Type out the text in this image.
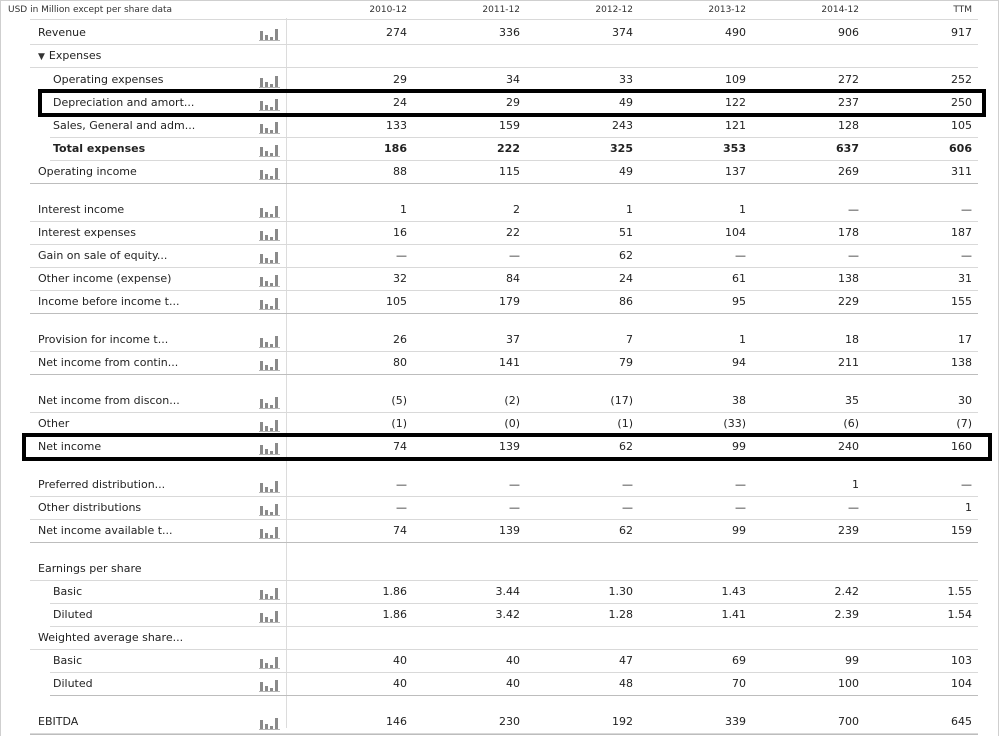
USD in Million except per share data	2010-12	2011-12	2012-12	2013-12	2014-12	TTM
Revenue	274	336	374	490	906	917
▼ Expenses
Operating expenses	29	34	33	109	272	252
Depreciation and amort...	24	29	49	122	237	250
Sales, General and adm...	133	159	243	121	128	105
Total expenses	186	222	325	353	637	606
Operating income	88	115	49	137	269	311
Interest income	1	2	1	1	—	—
Interest expenses	16	22	51	104	178	187
Gain on sale of equity...	—	—	62	—	—	—
Other income (expense)	32	84	24	61	138	31
Income before income t...	105	179	86	95	229	155
Provision for income t...	26	37	7	1	18	17
Net income from contin...	80	141	79	94	211	138
Net income from discon...	(5)	(2)	(17)	38	35	30
Other	(1)	(0)	(1)	(33)	(6)	(7)
Net income	74	139	62	99	240	160
Preferred distribution...	—	—	—	—	1	—
Other distributions	—	—	—	—	—	1
Net income available t...	74	139	62	99	239	159
Earnings per share
Basic	1.86	3.44	1.30	1.43	2.42	1.55
Diluted	1.86	3.42	1.28	1.41	2.39	1.54
Weighted average share...
Basic	40	40	47	69	99	103
Diluted	40	40	48	70	100	104
EBITDA	146	230	192	339	700	645
